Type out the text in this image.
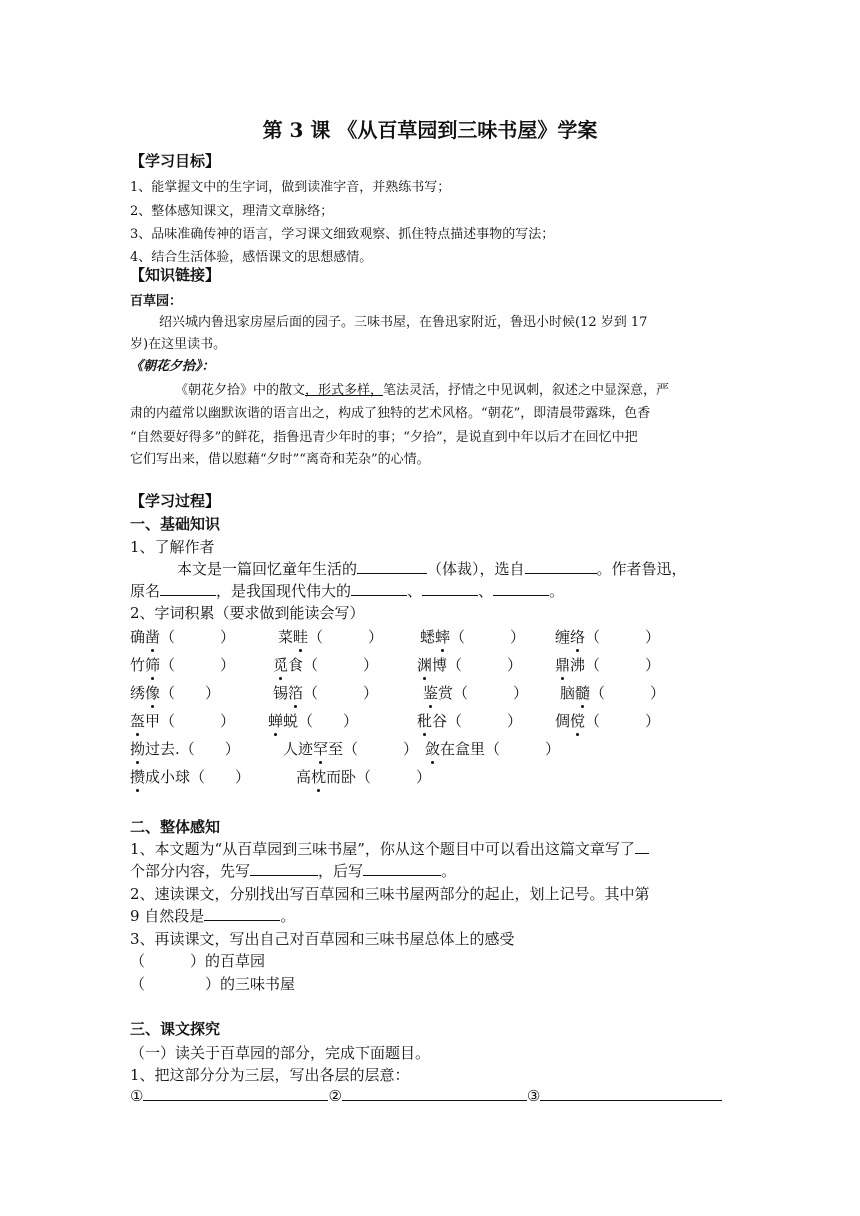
第 3 课 《从百草园到三味书屋》学案
【学习目标】
1、能掌握文中的生字词，做到读准字音，并熟练书写；
2、整体感知课文，理清文章脉络；
3、品味准确传神的语言，学习课文细致观察、抓住特点描述事物的写法；
4、结合生活体验，感悟课文的思想感情。
【知识链接】
百草园：
绍兴城内鲁迅家房屋后面的园子。三味书屋，在鲁迅家附近，鲁迅小时候(12 岁到 17
岁)在这里读书。
《朝花夕拾》：
《朝花夕拾》中的散文，形式多样，笔法灵活，抒情之中见讽刺，叙述之中显深意，严
肃的内蕴常以幽默诙谐的语言出之，构成了独特的艺术风格。“朝花”，即清晨带露珠，色香
“自然要好得多”的鲜花，指鲁迅青少年时的事；“夕拾”，是说直到中年以后才在回忆中把
它们写出来，借以慰藉“夕时”“离奇和芜杂”的心情。
【学习过程】
一、基础知识
1、了解作者
本文是一篇回忆童年生活的	（体裁），选自	。作者鲁迅，
原名	，是我国现代伟大的	、	、	。
2、字词积累（要求做到能读会写）
确凿（　　　）	菜畦（　　　） 蟋蟀（　　　） 缠络（　　　）
竹筛（　　　）	觅食（　　　）	渊博（　　　） 鼎沸（　　　）
绣像（　　）	锡箔（　　　）	鉴赏（　　　） 脑髓（　　　）
盔甲（　　　） 蝉蜕（　　）	秕谷（　　　） 倜傥（　　　）
拗过去.（　　）	人迹罕至（　　　） 敛在盒里（　　　）
攒成小球（　　）	高枕而卧（　　　）
二、整体感知
1、本文题为“从百草园到三味书屋”，你从这个题目中可以看出这篇文章写了
个部分内容，先写	，后写	。
2、速读课文，分别找出写百草园和三味书屋两部分的起止，划上记号。其中第
9 自然段是	。
3、再读课文，写出自己对百草园和三味书屋总体上的感受
（　　　）的百草园
（　　　　）的三味书屋
三、课文探究
（一）读关于百草园的部分，完成下面题目。
1、把这部分分为三层，写出各层的层意：
①	②	③
